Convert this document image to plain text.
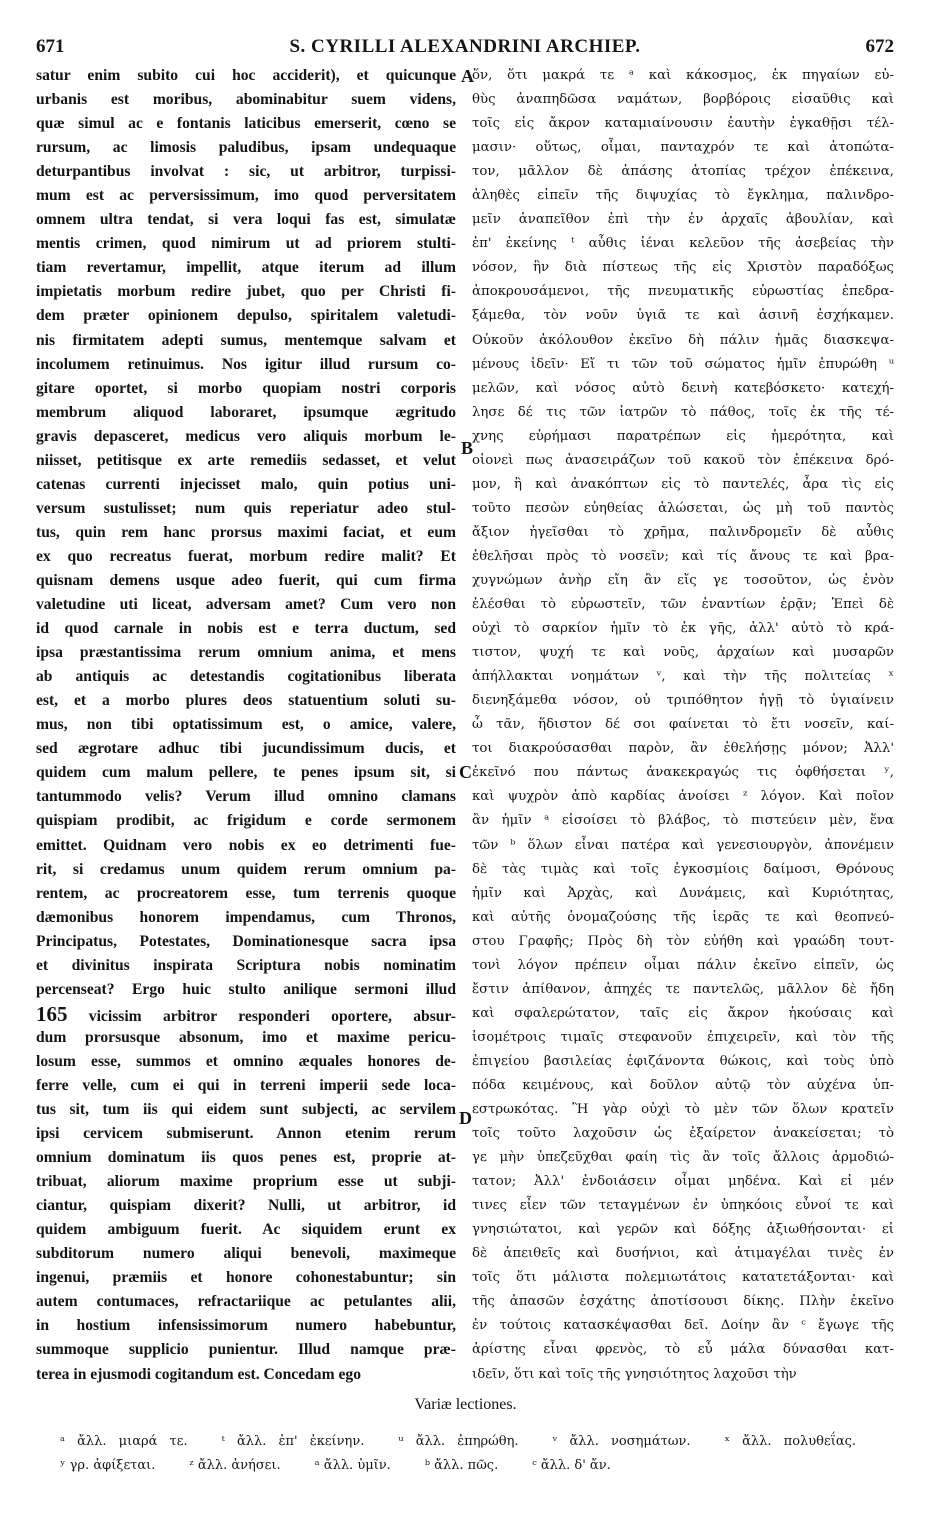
S. CYRILLI ALEXANDRINI ARCHIEP.
671	672
satur enim subito cui hoc acciderit), et quicunque
urbanis est moribus, abominabitur suem videns,
quæ simul ac e fontanis laticibus emerserit, cœno se
rursum, ac limosis paludibus, ipsam undequaque
deturpantibus involvat : sic, ut arbitror, turpissi-
mum est ac perversissimum, imo quod perversitatem
omnem ultra tendat, si vera loqui fas est, simulatæ
mentis crimen, quod nimirum ut ad priorem stulti-
tiam revertamur, impellit, atque iterum ad illum
impietatis morbum redire jubet, quo per Christi fi-
dem præter opinionem depulso, spiritalem valetudi-
nis firmitatem adepti sumus, mentemque salvam et
incolumem retinuimus. Nos igitur illud rursum co-
gitare oportet, si morbo quopiam nostri corporis
membrum aliquod laboraret, ipsumque ægritudo
gravis depasceret, medicus vero aliquis morbum le-
niisset, petitisque ex arte remediis sedasset, et velut
catenas currenti injecisset malo, quin potius uni-
versum sustulisset; num quis reperiatur adeo stul-
tus, quin rem hanc prorsus maximi faciat, et eum
ex quo recreatus fuerat, morbum redire malit? Et
quisnam demens usque adeo fuerit, qui cum firma
valetudine uti liceat, adversam amet? Cum vero non
id quod carnale in nobis est e terra ductum, sed
ipsa præstantissima rerum omnium anima, et mens
ab antiquis ac detestandis cogitationibus liberata
est, et a morbo plures deos statuentium soluti su-
mus, non tibi optatissimum est, o amice, valere,
sed ægrotare adhuc tibi jucundissimum ducis, et
quidem cum malum pellere, te penes ipsum sit, si
tantummodo velis? Verum illud omnino clamans
quispiam prodibit, ac frigidum e corde sermonem
emittet. Quidnam vero nobis ex eo detrimenti fue-
rit, si credamus unum quidem rerum omnium pa-
rentem, ac procreatorem esse, tum terrenis quoque
dæmonibus honorem impendamus, cum Thronos,
Principatus, Potestates, Dominationesque sacra ipsa
et divinitus inspirata Scriptura nobis nominatim
percenseat? Ergo huic stulto anilique sermoni illud
165 vicissim arbitror responderi oportere, absur-
dum prorsusque absonum, imo et maxime pericu-
losum esse, summos et omnino æquales honores de-
ferre velle, cum ei qui in terreni imperii sede loca-
tus sit, tum iis qui eidem sunt subjecti, ac servilem
ipsi cervicem submiserunt. Annon etenim rerum
omnium dominatum iis quos penes est, proprie at-
tribuat, aliorum maxime proprium esse ut subji-
ciantur, quispiam dixerit? Nulli, ut arbitror, id
quidem ambiguum fuerit. Ac siquidem erunt ex
subditorum numero aliqui benevoli, maximeque
ingenui, præmiis et honore cohonestabuntur; sin
autem contumaces, refractariique ac petulantes alii,
in hostium infensissimorum numero habebuntur,
summoque supplicio punientur. Illud namque præ-
terea in ejusmodi cogitandum est. Concedam ego
ὅν, ὅτι μακρά τε ᵃ καὶ κάκοσμος, ἐκ πηγαίων εὐ-
θὺς ἀναπηδῶσα ναμάτων, βορβόροις εἰσαῦθις καὶ
τοῖς εἰς ἄκρον καταμιαίνουσιν ἑαυτὴν ἐγκαθῇσι τέλ-
μασιν· οὕτως, οἶμαι, πανταχρόν τε καὶ ἀτοπώτα-
τον, μᾶλλον δὲ ἁπάσης ἀτοπίας τρέχον ἐπέκεινα,
ἀληθὲς εἰπεῖν τῆς διψυχίας τὸ ἔγκλημα, παλινδρο-
μεῖν ἀναπεῖθον ἐπὶ τὴν ἐν ἀρχαῖς ἀβουλίαν, καὶ
ἐπ' ἐκείνης ᵗ αὖθις ἰέναι κελεῦον τῆς ἀσεβείας τὴν
νόσον, ἣν διὰ πίστεως τῆς εἰς Χριστὸν παραδόξως
ἀποκρουσάμενοι, τῆς πνευματικῆς εὐρωστίας ἐπεδρα-
ξάμεθα, τὸν νοῦν ὑγιᾶ τε καὶ ἀσινῆ ἐσχήκαμεν.
Οὐκοῦν ἀκόλουθον ἐκεῖνο δὴ πάλιν ἡμᾶς διασκεψα-
μένους ἰδεῖν· Εἴ τι τῶν τοῦ σώματος ἡμῖν ἐπυρώθη ᵘ
μελῶν, καὶ νόσος αὐτὸ δεινὴ κατεβόσκετο· κατεχή-
λησε δέ τις τῶν ἰατρῶν τὸ πάθος, τοῖς ἐκ τῆς τέ-
χνης εὑρήμασι παρατρέπων εἰς ἡμερότητα, καὶ
οἱονεὶ πως ἀνασειράζων τοῦ κακοῦ τὸν ἐπέκεινα δρό-
μον, ἢ καὶ ἀνακόπτων εἰς τὸ παντελές, ἆρα τὶς εἰς
τοῦτο πεσὼν εὐηθείας ἁλώσεται, ὡς μὴ τοῦ παντὸς
ἄξιον ἡγεῖσθαι τὸ χρῆμα, παλινδρομεῖν δὲ αὖθις
ἐθελῆσαι πρὸς τὸ νοσεῖν; καὶ τίς ἄνους τε καὶ βρα-
χυγνώμων ἀνὴρ εἴη ἂν εἴς γε τοσοῦτον, ὡς ἐνὸν
ἑλέσθαι τὸ εὐρωστεῖν, τῶν ἐναντίων ἐρᾷν; Ἐπεὶ δὲ
οὐχὶ τὸ σαρκίον ἡμῖν τὸ ἐκ γῆς, ἀλλ' αὐτὸ τὸ κρά-
τιστον, ψυχή τε καὶ νοῦς, ἀρχαίων καὶ μυσαρῶν
ἀπήλλακται νοημάτων ᵛ, καὶ τὴν τῆς πολιτείας ˣ
διενηξάμεθα νόσον, οὐ τριπόθητον ἡγῇ τὸ ὑγιαίνειν
ὦ τᾶν, ἥδιστον δέ σοι φαίνεται τὸ ἔτι νοσεῖν, καί-
τοι διακρούσασθαι παρὸν, ἂν ἐθελήσῃς μόνον; Ἀλλ'
ἐκεῖνό που πάντως ἀνακεκραγώς τις ὀφθήσεται ʸ,
καὶ ψυχρὸν ἀπὸ καρδίας ἀνοίσει ᶻ λόγον. Καὶ ποῖον
ἂν ἡμῖν ᵃ εἰσοίσει τὸ βλάβος, τὸ πιστεύειν μὲν, ἕνα
τῶν ᵇ ὅλων εἶναι πατέρα καὶ γενεσιουργὸν, ἀπονέμειν
δὲ τὰς τιμὰς καὶ τοῖς ἐγκοσμίοις δαίμοσι, Θρόνους
ἡμῖν καὶ Ἀρχὰς, καὶ Δυνάμεις, καὶ Κυριότητας,
καὶ αὐτῆς ὀνομαζούσης τῆς ἱερᾶς τε καὶ θεοπνεύ-
στου Γραφῆς; Πρὸς δὴ τὸν εὐήθη καὶ γραώδη τουτ-
τονὶ λόγον πρέπειν οἶμαι πάλιν ἐκεῖνο εἰπεῖν, ὡς
ἔστιν ἀπίθανον, ἀπηχές τε παντελῶς, μᾶλλον δὲ ἤδη
καὶ σφαλερώτατον, ταῖς εἰς ἄκρον ἡκούσαις καὶ
ἰσομέτροις τιμαῖς στεφανοῦν ἐπιχειρεῖν, καὶ τὸν τῆς
ἐπιγείου βασιλείας ἐφιζάνοντα θώκοις, καὶ τοὺς ὑπὸ
πόδα κειμένους, καὶ δοῦλον αὐτῷ τὸν αὐχένα ὑπ-
εστρωκότας. Ἢ γὰρ οὐχὶ τὸ μὲν τῶν ὅλων κρατεῖν
τοῖς τοῦτο λαχοῦσιν ὡς ἐξαίρετον ἀνακείσεται; τὸ
γε μὴν ὑπεζεῦχθαι φαίη τὶς ἂν τοῖς ἄλλοις ἁρμοδιώ-
τατον; Ἀλλ' ἐνδοιάσειν οἶμαι μηδένα. Καὶ εἰ μέν
τινες εἶεν τῶν τεταγμένων ἐν ὑπηκόοις εὖνοί τε καὶ
γνησιώτατοι, καὶ γερῶν καὶ δόξης ἀξιωθήσονται· εἰ
δὲ ἀπειθεῖς καὶ δυσήνιοι, καὶ ἀτιμαγέλαι τινὲς ἐν
τοῖς ὅτι μάλιστα πολεμιωτάτοις κατατετάξονται· καὶ
τῆς ἀπασῶν ἐσχάτης ἀποτίσουσι δίκης. Πλὴν ἐκεῖνο
ἐν τούτοις κατασκέψασθαι δεῖ. Δοίην ἂν ᶜ ἔγωγε τῆς
ἀρίστης εἶναι φρενὸς, τὸ εὖ μάλα δύνασθαι κατ-
ιδεῖν, ὅτι καὶ τοῖς τῆς γνησιότητος λαχοῦσι τὴν
A
B
C
D
Variæ lectiones.
ᵃ ἄλλ. μιαρά τε.	ᵗ ἄλλ. ἐπ' ἐκείνην.	ᵘ ἄλλ. ἐπηρώθη.	ᵛ ἄλλ. νοσημάτων.	ˣ ἄλλ. πολυθεΐας.
ʸ γρ. ἀφίξεται.	ᶻ ἄλλ. ἀνήσει.	ᵃ ἄλλ. ὑμῖν.	ᵇ ἄλλ. πῶς.	ᶜ ἄλλ. δ' ἄν.
